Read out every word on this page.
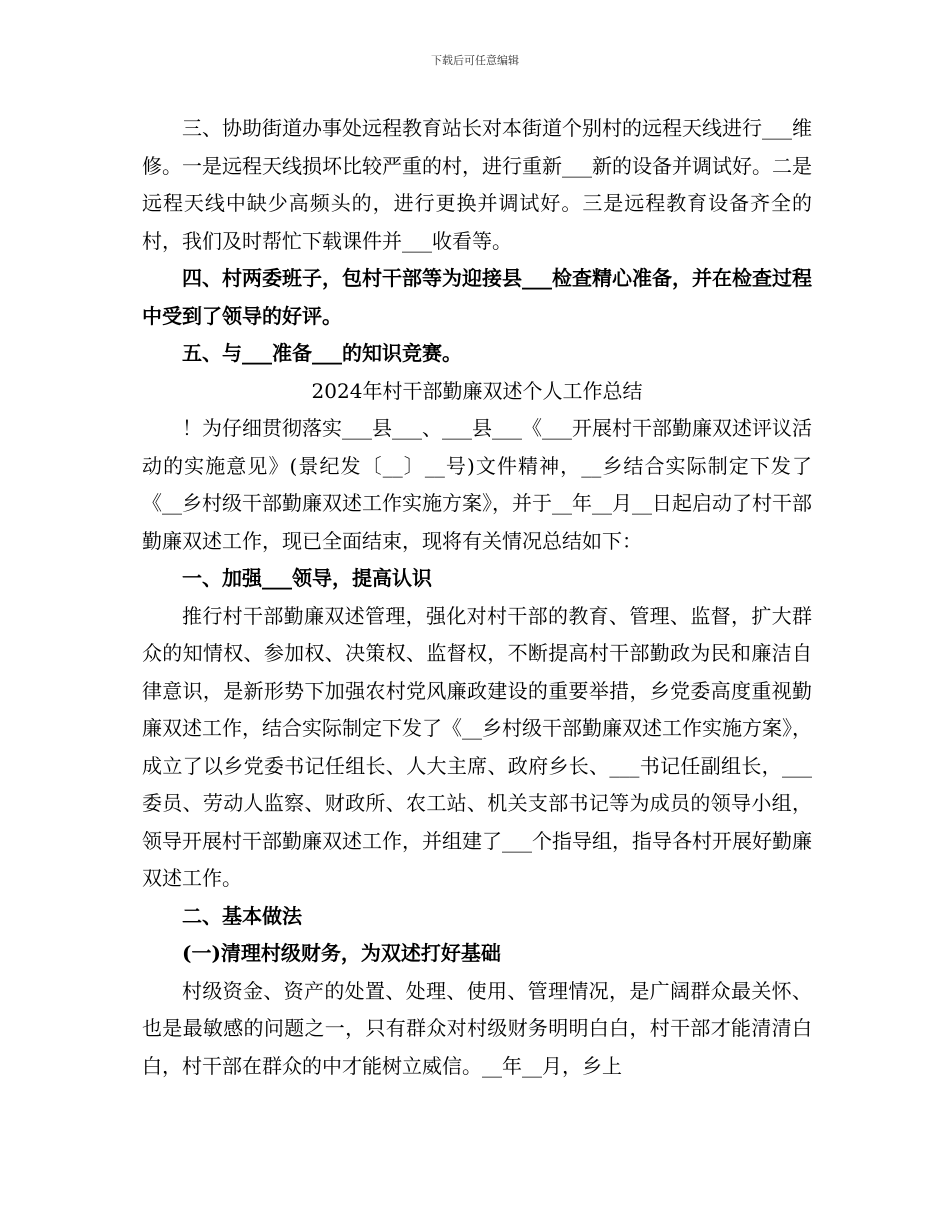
下载后可任意编辑

三、协助街道办事处远程教育站长对本街道个别村的远程天线进行___维修。一是远程天线损坏比较严重的村，进行重新___新的设备并调试好。二是远程天线中缺少高频头的，进行更换并调试好。三是远程教育设备齐全的村，我们及时帮忙下载课件并___收看等。

四、村两委班子，包村干部等为迎接县___检查精心准备，并在检查过程中受到了领导的好评。

五、与___准备___的知识竞赛。

2024年村干部勤廉双述个人工作总结

！为仔细贯彻落实___县___、___县___《___开展村干部勤廉双述评议活动的实施意见》(景纪发〔__〕__号)文件精神，__乡结合实际制定下发了《__乡村级干部勤廉双述工作实施方案》，并于__年__月__日起启动了村干部勤廉双述工作，现已全面结束，现将有关情况总结如下：

一、加强___领导，提高认识

推行村干部勤廉双述管理，强化对村干部的教育、管理、监督，扩大群众的知情权、参加权、决策权、监督权，不断提高村干部勤政为民和廉洁自律意识，是新形势下加强农村党风廉政建设的重要举措，乡党委高度重视勤廉双述工作，结合实际制定下发了《__乡村级干部勤廉双述工作实施方案》，成立了以乡党委书记任组长、人大主席、政府乡长、___书记任副组长，___委员、劳动人监察、财政所、农工站、机关支部书记等为成员的领导小组，领导开展村干部勤廉双述工作，并组建了___个指导组，指导各村开展好勤廉双述工作。

二、基本做法

(一)清理村级财务，为双述打好基础

村级资金、资产的处置、处理、使用、管理情况，是广阔群众最关怀、也是最敏感的问题之一，只有群众对村级财务明明白白，村干部才能清清白白，村干部在群众的中才能树立威信。__年__月，乡上
